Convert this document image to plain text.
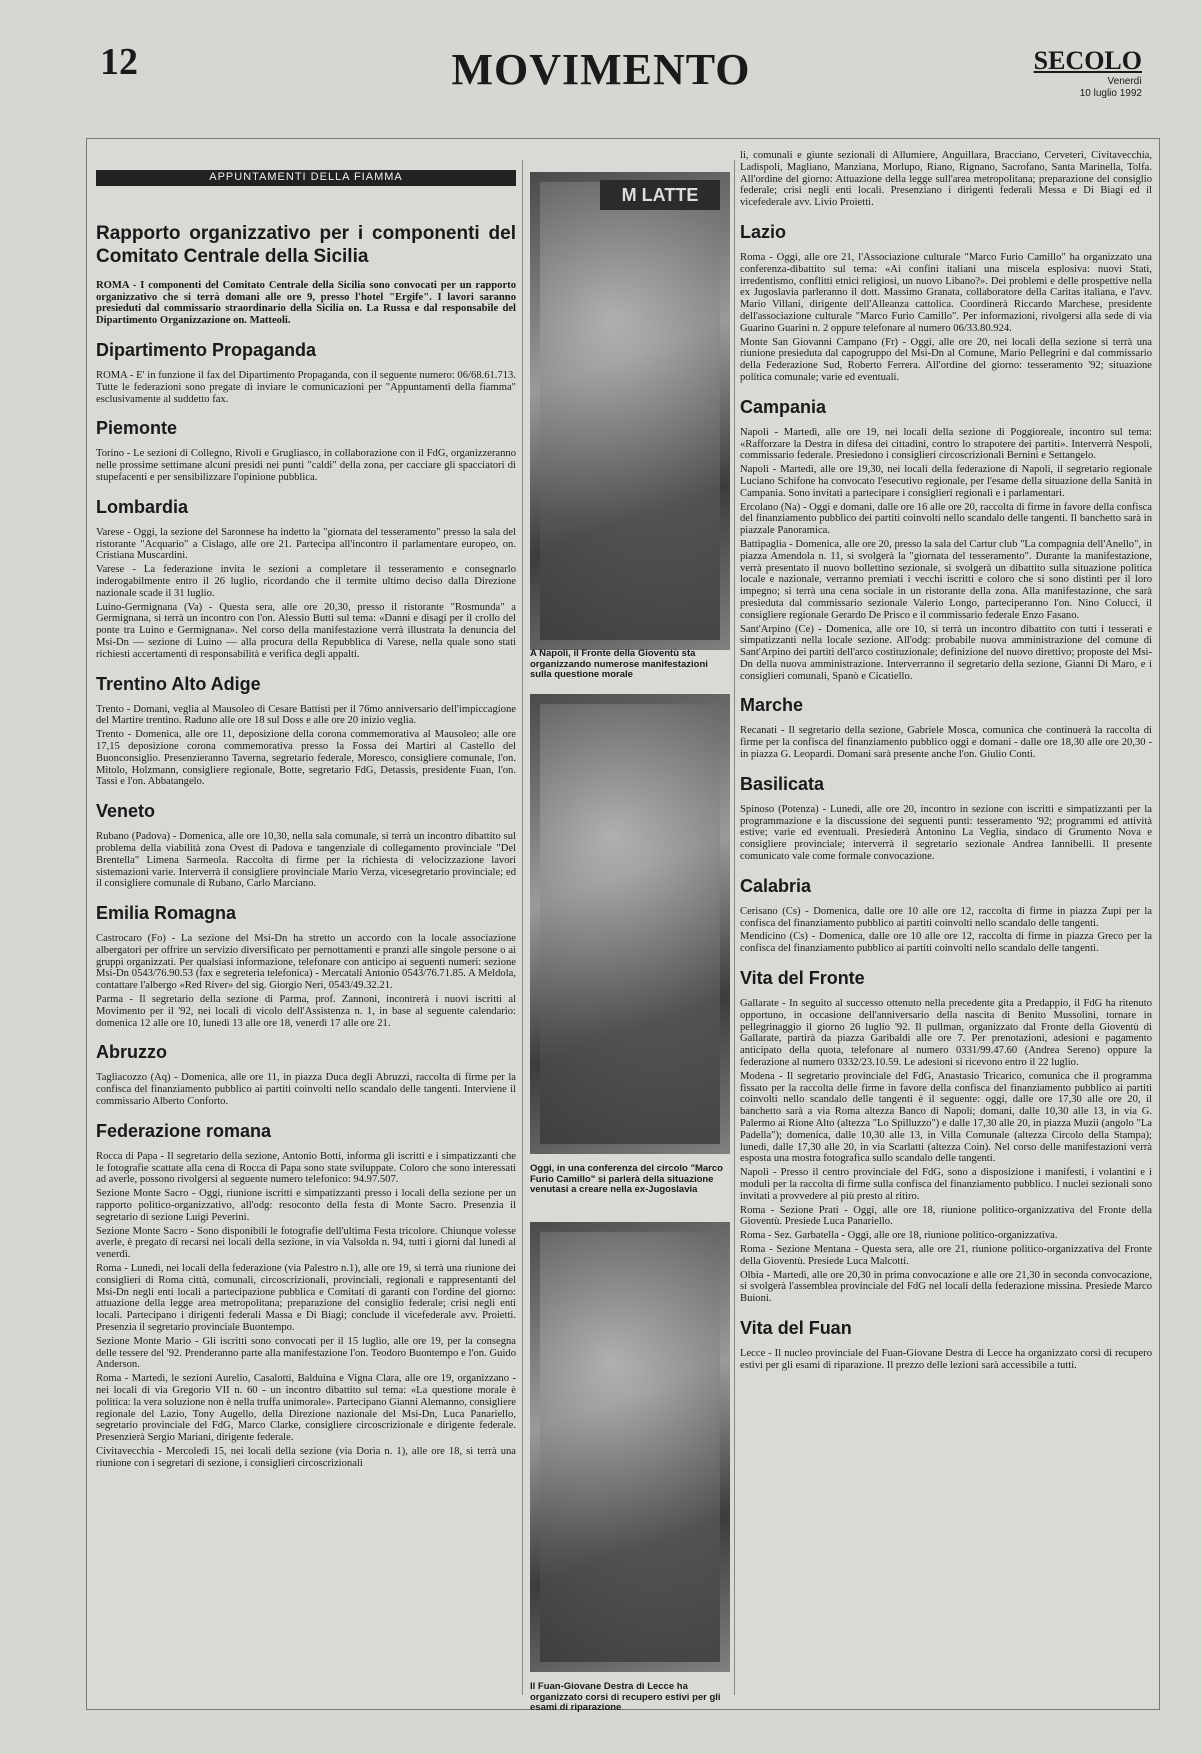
12	MOVIMENTO	SECOLO
Venerdì
10 luglio 1992
APPUNTAMENTI DELLA FIAMMA
Rapporto organizzativo per i componenti del Comitato Centrale della Sicilia

ROMA - I componenti del Comitato Centrale della Sicilia sono convocati per un rapporto organizzativo che si terrà domani alle ore 9, presso l'hotel "Ergife". I lavori saranno presieduti dal commissario straordinario della Sicilia on. La Russa e dal responsabile del Dipartimento Organizzazione on. Matteoli.

Dipartimento Propaganda

ROMA - E' in funzione il fax del Dipartimento Propaganda, con il seguente numero: 06/68.61.713. Tutte le federazioni sono pregate di inviare le comunicazioni per "Appuntamenti della fiamma" esclusivamente al suddetto fax.

Piemonte

Torino - Le sezioni di Collegno, Rivoli e Grugliasco, in collaborazione con il FdG, organizzeranno nelle prossime settimane alcuni presidi nei punti "caldi" della zona, per cacciare gli spacciatori di stupefacenti e per sensibilizzare l'opinione pubblica.

Lombardia

Varese - Oggi, la sezione del Saronnese ha indetto la "giornata del tesseramento" presso la sala del ristorante "Acquario" a Cislago, alle ore 21. Partecipa all'incontro il parlamentare europeo, on. Cristiana Muscardini.

Varese - La federazione invita le sezioni a completare il tesseramento e consegnarlo inderogabilmente entro il 26 luglio, ricordando che il termite ultimo deciso dalla Direzione nazionale scade il 31 luglio.

Luino-Germignana (Va) - Questa sera, alle ore 20,30, presso il ristorante "Rosmunda" a Germignana, si terrà un incontro con l'on. Alessio Butti sul tema: «Danni e disagi per il crollo del ponte tra Luino e Germignana». Nel corso della manifestazione verrà illustrata la denuncia del Msi-Dn — sezione di Luino — alla procura della Repubblica di Varese, nella quale sono stati richiesti accertamenti di responsabilità e verifica degli appalti.

Trentino Alto Adige

Trento - Domani, veglia al Mausoleo di Cesare Battisti per il 76mo anniversario dell'impiccagione del Martire trentino. Raduno alle ore 18 sul Doss e alle ore 20 inizio veglia.

Trento - Domenica, alle ore 11, deposizione della corona commemorativa al Mausoleo; alle ore 17,15 deposizione corona commemorativa presso la Fossa dei Martiri al Castello del Buonconsiglio. Presenzieranno Taverna, segretario federale, Moresco, consigliere comunale, l'on. Mitolo, Holzmann, consigliere regionale, Botte, segretario FdG, Detassis, presidente Fuan, l'on. Tassi e l'on. Abbatangelo.

Veneto

Rubano (Padova) - Domenica, alle ore 10,30, nella sala comunale, si terrà un incontro dibattito sul problema della viabilità zona Ovest di Padova e tangenziale di collegamento provinciale "Del Brentella" Limena Sarmeola. Raccolta di firme per la richiesta di velocizzazione lavori sistemazioni varie. Interverrà il consigliere provinciale Mario Verza, vicesegretario provinciale; ed il consigliere comunale di Rubano, Carlo Marciano.

Emilia Romagna

Castrocaro (Fo) - La sezione del Msi-Dn ha stretto un accordo con la locale associazione albergatori per offrire un servizio diversificato per pernottamenti e pranzi alle singole persone o ai gruppi organizzati. Per qualsiasi informazione, telefonare con anticipo ai seguenti numeri: sezione Msi-Dn 0543/76.90.53 (fax e segreteria telefonica) - Mercatali Antonio 0543/76.71.85. A Meldola, contattare l'albergo «Red River» del sig. Giorgio Neri, 0543/49.32.21.

Parma - Il segretario della sezione di Parma, prof. Zannoni, incontrerà i nuovi iscritti al Movimento per il '92, nei locali di vicolo dell'Assistenza n. 1, in base al seguente calendario: domenica 12 alle ore 10, lunedì 13 alle ore 18, venerdì 17 alle ore 21.

Abruzzo

Tagliacozzo (Aq) - Domenica, alle ore 11, in piazza Duca degli Abruzzi, raccolta di firme per la confisca del finanziamento pubblico ai partiti coinvolti nello scandalo delle tangenti. Interviene il commissario Alberto Conforto.

Federazione romana

Rocca di Papa - Il segretario della sezione, Antonio Botti, informa gli iscritti e i simpatizzanti che le fotografie scattate alla cena di Rocca di Papa sono state sviluppate. Coloro che sono interessati ad averle, possono rivolgersi al seguente numero telefonico: 94.97.507.

Sezione Monte Sacro - Oggi, riunione iscritti e simpatizzanti presso i locali della sezione per un rapporto politico-organizzativo, all'odg: resoconto della festa di Monte Sacro. Presenzia il segretario di sezione Luigi Peverini.

Sezione Monte Sacro - Sono disponibili le fotografie dell'ultima Festa tricolore. Chiunque volesse averle, è pregato di recarsi nei locali della sezione, in via Valsolda n. 94, tutti i giorni dal lunedì al venerdì.

Roma - Lunedì, nei locali della federazione (via Palestro n.1), alle ore 19, si terrà una riunione dei consiglieri di Roma città, comunali, circoscrizionali, provinciali, regionali e rappresentanti del Msi-Dn negli enti locali a partecipazione pubblica e Comitati di garanti con l'ordine del giorno: attuazione della legge area metropolitana; preparazione del consiglio federale; crisi negli enti locali. Partecipano i dirigenti federali Massa e Di Biagi; conclude il vicefederale avv. Proietti. Presenzia il segretario provinciale Buontempo.

Sezione Monte Mario - Gli iscritti sono convocati per il 15 luglio, alle ore 19, per la consegna delle tessere del '92. Prenderanno parte alla manifestazione l'on. Teodoro Buontempo e l'on. Guido Anderson.

Roma - Martedì, le sezioni Aurelio, Casalotti, Balduina e Vigna Clara, alle ore 19, organizzano - nei locali di via Gregorio VII n. 60 - un incontro dibattito sul tema: «La questione morale è politica: la vera soluzione non è nella truffa unimorale». Partecipano Gianni Alemanno, consigliere regionale del Lazio, Tony Augello, della Direzione nazionale del Msi-Dn, Luca Panariello, segretario provinciale del FdG, Marco Clarke, consigliere circoscrizionale e dirigente federale. Presenzierà Sergio Mariani, dirigente federale.

Civitavecchia - Mercoledì 15, nei locali della sezione (via Doria n. 1), alle ore 18, si terrà una riunione con i segretari di sezione, i consiglieri circoscrizionali

M LATTE
A Napoli, il Fronte della Gioventù sta organizzando numerose manifestazioni sulla questione morale
Oggi, in una conferenza del circolo "Marco Furio Camillo" si parlerà della situazione venutasi a creare nella ex-Jugoslavia
Il Fuan-Giovane Destra di Lecce ha organizzato corsi di recupero estivi per gli esami di riparazione

li, comunali e giunte sezionali di Allumiere, Anguillara, Bracciano, Cerveteri, Civitavecchia, Ladispoli, Magliano, Manziana, Morlupo, Riano, Rignano, Sacrofano, Santa Marinella, Tolfa. All'ordine del giorno: Attuazione della legge sull'area metropolitana; preparazione del consiglio federale; crisi negli enti locali. Presenziano i dirigenti federali Messa e Di Biagi ed il vicefederale avv. Livio Proietti.

Lazio

Roma - Oggi, alle ore 21, l'Associazione culturale "Marco Furio Camillo" ha organizzato una conferenza-dibattito sul tema: «Ai confini italiani una miscela esplosiva: nuovi Stati, irredentismo, conflitti etnici religiosi, un nuovo Libano?». Dei problemi e delle prospettive nella ex Jugoslavia parleranno il dott. Massimo Granata, collaboratore della Caritas italiana, e l'avv. Mario Villani, dirigente dell'Alleanza cattolica. Coordinerà Riccardo Marchese, presidente dell'associazione culturale "Marco Furio Camillo". Per informazioni, rivolgersi alla sede di via Guarino Guarini n. 2 oppure telefonare al numero 06/33.80.924.

Monte San Giovanni Campano (Fr) - Oggi, alle ore 20, nei locali della sezione si terrà una riunione presieduta dal capogruppo del Msi-Dn al Comune, Mario Pellegrini e dal commissario della Federazione Sud, Roberto Ferrera. All'ordine del giorno: tesseramento '92; situazione politica comunale; varie ed eventuali.

Campania

Napoli - Martedì, alle ore 19, nei locali della sezione di Poggioreale, incontro sul tema: «Rafforzare la Destra in difesa dei cittadini, contro lo strapotere dei partiti». Interverrà Nespoli, commissario federale. Presiedono i consiglieri circoscrizionali Bernini e Settangelo.

Napoli - Martedì, alle ore 19,30, nei locali della federazione di Napoli, il segretario regionale Luciano Schifone ha convocato l'esecutivo regionale, per l'esame della situazione della Sanità in Campania. Sono invitati a partecipare i consiglieri regionali e i parlamentari.

Ercolano (Na) - Oggi e domani, dalle ore 16 alle ore 20, raccolta di firme in favore della confisca del finanziamento pubblico dei partiti coinvolti nello scandalo delle tangenti. Il banchetto sarà in piazzale Panoramica.

Battipaglia - Domenica, alle ore 20, presso la sala del Cartur club "La compagnia dell'Anello", in piazza Amendola n. 11, si svolgerà la "giornata del tesseramento". Durante la manifestazione, verrà presentato il nuovo bollettino sezionale, si svolgerà un dibattito sulla situazione politica locale e nazionale, verranno premiati i vecchi iscritti e coloro che si sono distinti per il loro impegno; si terrà una cena sociale in un ristorante della zona. Alla manifestazione, che sarà presieduta dal commissario sezionale Valerio Longo, parteciperanno l'on. Nino Colucci, il consigliere regionale Gerardo De Prisco e il commissario federale Enzo Fasano.

Sant'Arpino (Ce) - Domenica, alle ore 10, si terrà un incontro dibattito con tutti i tesserati e simpatizzanti nella locale sezione. All'odg: probabile nuova amministrazione del comune di Sant'Arpino dei partiti dell'arco costituzionale; definizione del nuovo direttivo; proposte del Msi-Dn della nuova amministrazione. Interverranno il segretario della sezione, Gianni Di Maro, e i consiglieri comunali, Spanò e Cicatiello.

Marche

Recanati - Il segretario della sezione, Gabriele Mosca, comunica che continuerà la raccolta di firme per la confisca del finanziamento pubblico oggi e domani - dalle ore 18,30 alle ore 20,30 - in piazza G. Leopardi. Domani sarà presente anche l'on. Giulio Conti.

Basilicata

Spinoso (Potenza) - Lunedì, alle ore 20, incontro in sezione con iscritti e simpatizzanti per la programmazione e la discussione dei seguenti punti: tesseramento '92; programmi ed attività estive; varie ed eventuali. Presiederà Antonino La Veglia, sindaco di Grumento Nova e consigliere provinciale; interverrà il segretario sezionale Andrea Iannibelli. Il presente comunicato vale come formale convocazione.

Calabria

Cerisano (Cs) - Domenica, dalle ore 10 alle ore 12, raccolta di firme in piazza Zupi per la confisca del finanziamento pubblico ai partiti coinvolti nello scandalo delle tangenti.

Mendicino (Cs) - Domenica, dalle ore 10 alle ore 12, raccolta di firme in piazza Greco per la confisca del finanziamento pubblico ai partiti coinvolti nello scandalo delle tangenti.

Vita del Fronte

Gallarate - In seguito al successo ottenuto nella precedente gita a Predappio, il FdG ha ritenuto opportuno, in occasione dell'anniversario della nascita di Benito Mussolini, tornare in pellegrinaggio il giorno 26 luglio '92. Il pullman, organizzato dal Fronte della Gioventù di Gallarate, partirà da piazza Garibaldi alle ore 7. Per prenotazioni, adesioni e pagamento anticipato della quota, telefonare al numero 0331/99.47.60 (Andrea Sereno) oppure la federazione al numero 0332/23.10.59. Le adesioni si ricevono entro il 22 luglio.

Modena - Il segretario provinciale del FdG, Anastasio Tricarico, comunica che il programma fissato per la raccolta delle firme in favore della confisca del finanziamento pubblico ai partiti coinvolti nello scandalo delle tangenti è il seguente: oggi, dalle ore 17,30 alle ore 20, il banchetto sarà a via Roma altezza Banco di Napoli; domani, dalle 10,30 alle 13, in via G. Palermo ai Rione Alto (altezza "Lo Spilluzzo") e dalle 17,30 alle 20, in piazza Muzii (angolo "La Padella"); domenica, dalle 10,30 alle 13, in Villa Comunale (altezza Circolo della Stampa); lunedì, dalle 17,30 alle 20, in via Scarlatti (altezza Coin). Nel corso delle manifestazioni verrà esposta una mostra fotografica sullo scandalo delle tangenti.

Napoli - Presso il centro provinciale del FdG, sono a disposizione i manifesti, i volantini e i moduli per la raccolta di firme sulla confisca del finanziamento pubblico. I nuclei sezionali sono invitati a provvedere al più presto al ritiro.

Roma - Sezione Prati - Oggi, alle ore 18, riunione politico-organizzativa del Fronte della Gioventù. Presiede Luca Panariello.

Roma - Sez. Garbatella - Oggi, alle ore 18, riunione politico-organizzativa.

Roma - Sezione Mentana - Questa sera, alle ore 21, riunione politico-organizzativa del Fronte della Gioventù. Presiede Luca Malcotti.

Olbia - Martedì, alle ore 20,30 in prima convocazione e alle ore 21,30 in seconda convocazione, si svolgerà l'assemblea provinciale del FdG nel locali della federazione missina. Presiede Marco Buioni.

Vita del Fuan

Lecce - Il nucleo provinciale del Fuan-Giovane Destra di Lecce ha organizzato corsi di recupero estivi per gli esami di riparazione. Il prezzo delle lezioni sarà accessibile a tutti.
